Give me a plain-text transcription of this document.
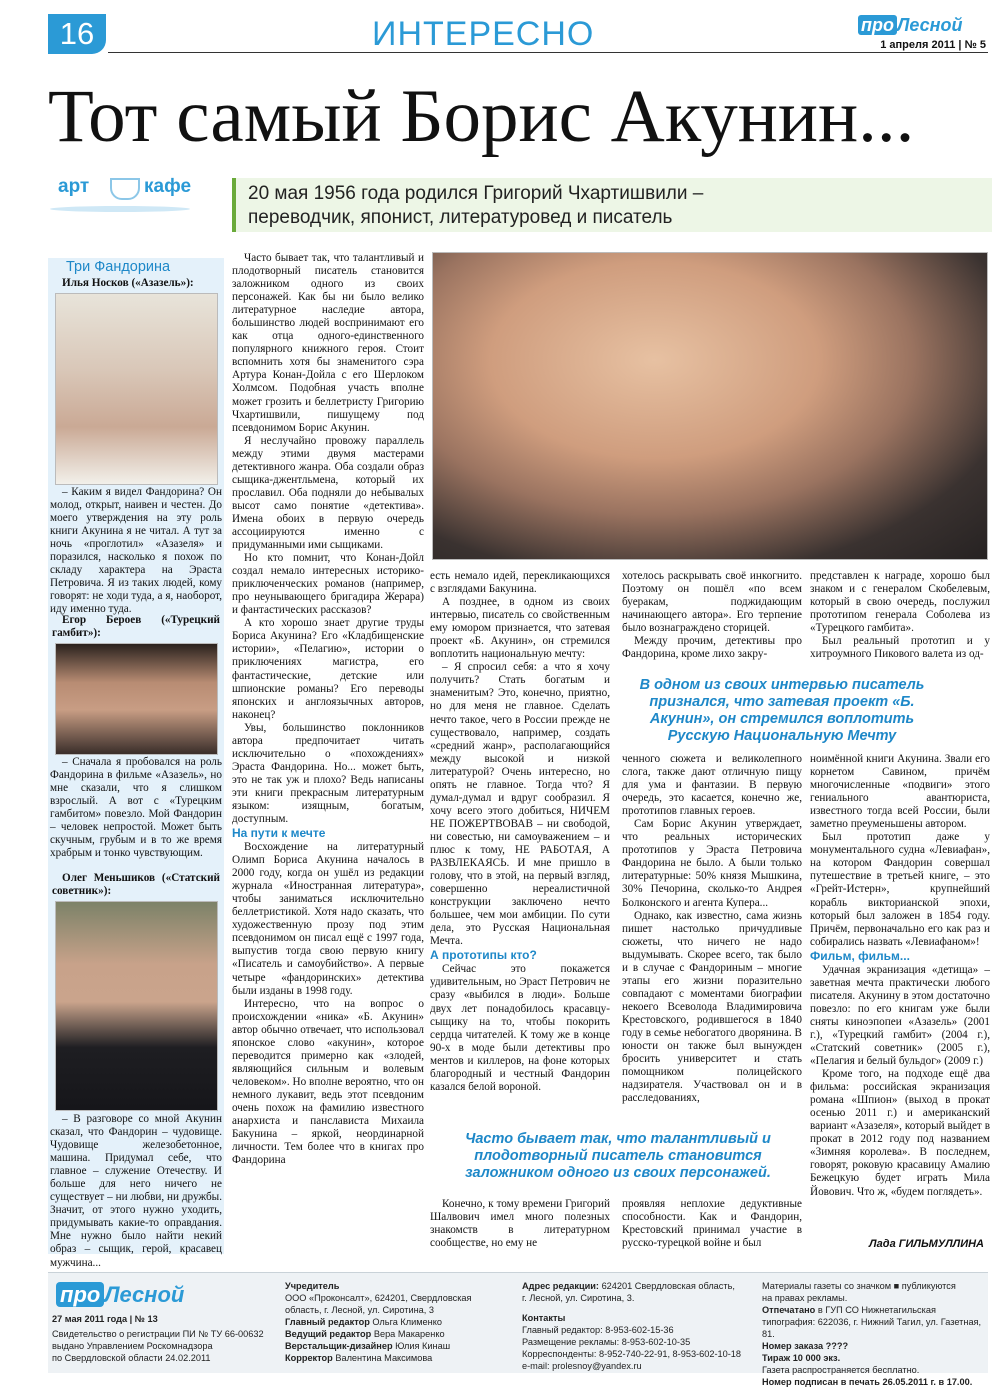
16	ИНТЕРЕСНО	про Лесной
1 апреля 2011 | № 5
Тот самый Борис Акунин...
арт	кафе	20 мая 1956 года родился Григорий Чхартишвили –
переводчик, японист, литературовед и писатель
Три Фандорина
Илья Носков («Азазель»):
– Каким я видел Фандорина? Он молод, открыт, наивен и честен. До моего утверждения на эту роль книги Акунина я не читал. А тут за ночь «проглотил» «Азазеля» и поразился, насколько я похож по складу характера на Эраста Петровича. Я из таких людей, кому говорят: не ходи туда, а я, наоборот, иду именно туда.
Егор Бероев («Турецкий гамбит»):
– Сначала я пробовался на роль Фандорина в фильме «Азазель», но мне сказали, что я слишком взрослый. А вот с «Турецким гамбитом» повезло. Мой Фандорин – человек непростой. Может быть скучным, грубым и в то же время храбрым и тонко чувствующим.
Олег Меньшиков («Статский советник»):
– В разговоре со мной Акунин сказал, что Фандорин – чудовище. Чудовище железобетонное, машина. Придумал себе, что главное – служение Отечеству. И больше для него ничего не существует – ни любви, ни дружбы. Значит, от этого нужно уходить, придумывать какие-то оправдания. Мне нужно было найти некий образ – сыщик, герой, красавец мужчина...

Часто бывает так, что талантливый и плодотворный писатель становится заложником одного из своих персонажей. Как бы ни было велико литературное наследие автора, большинство людей воспринимают его как отца одного-единственного популярного книжного героя. Стоит вспомнить хотя бы знаменитого сэра Артура Конан-Дойла с его Шерлоком Холмсом. Подобная участь вполне может грозить и беллетристу Григорию Чхартишвили, пишущему под псевдонимом Борис Акунин.

Я неслучайно провожу параллель между этими двумя мастерами детективного жанра. Оба создали образ сыщика-джентльмена, который их прославил. Оба подняли до небывалых высот само понятие «детектива». Имена обоих в первую очередь ассоциируются именно с придуманными ими сыщиками.

Но кто помнит, что Конан-Дойл создал немало интересных историко-приключенческих романов (например, про неунывающего бригадира Жерара) и фантастических рассказов?

А кто хорошо знает другие труды Бориса Акунина? Его «Кладбищенские истории», «Пелагию», истории о приключениях магистра, его фантастические, детские или шпионские романы? Его переводы японских и англоязычных авторов, наконец?

Увы, большинство поклонников автора предпочитает читать исключительно о «похождениях» Эраста Фандорина. Но... может быть, это не так уж и плохо? Ведь написаны эти книги прекрасным литературным языком: изящным, богатым, доступным.

На пути к мечте

Восхождение на литературный Олимп Бориса Акунина началось в 2000 году, когда он ушёл из редакции журнала «Иностранная литература», чтобы заниматься исключительно беллетристикой. Хотя надо сказать, что художественную прозу под этим псевдонимом он писал ещё с 1997 года, выпустив тогда свою первую книгу «Писатель и самоубийство». А первые четыре «фандоринских» детектива были изданы в 1998 году.

Интересно, что на вопрос о происхождении «ника» «Б. Акунин» автор обычно отвечает, что использовал японское слово «акунин», которое переводится примерно как «злодей, являющийся сильным и волевым человеком». Но вполне вероятно, что он немного лукавит, ведь этот псевдоним очень похож на фамилию известного анархиста и панслависта Михаила Бакунина – яркой, неординарной личности. Тем более что в книгах про Фандорина

есть немало идей, перекликающихся с взглядами Бакунина.

А позднее, в одном из своих интервью, писатель со свойственным ему юмором признается, что затевая проект «Б. Акунин», он стремился воплотить национальную мечту:

– Я спросил себя: а что я хочу получить? Стать богатым и знаменитым? Это, конечно, приятно, но для меня не главное. Сделать нечто такое, чего в России прежде не существовало, например, создать «средний жанр», располагающийся между высокой и низкой литературой? Очень интересно, но опять не главное. Тогда что? Я думал-думал и вдруг сообразил. Я хочу всего этого добиться, НИЧЕМ НЕ ПОЖЕРТВОВАВ – ни свободой, ни совестью, ни самоуважением – и плюс к тому, НЕ РАБОТАЯ, А РАЗВЛЕКАЯСЬ. И мне пришло в голову, что в этой, на первый взгляд, совершенно нереалистичной конструкции заключено нечто большее, чем мои амбиции. По сути дела, это Русская Национальная Мечта.

А прототипы кто?

Сейчас это покажется удивительным, но Эраст Петрович не сразу «выбился в люди». Больше двух лет понадобилось красавцу-сыщику на то, чтобы покорить сердца читателей. К тому же в конце 90-х в моде были детективы про ментов и киллеров, на фоне которых благородный и честный Фандорин казался белой вороной.

хотелось раскрывать своё инкогнито. Поэтому он пошёл «по всем буеракам, поджидающим начинающего автора». Его терпение было вознаграждено сторицей.

Между прочим, детективы про Фандорина, кроме лихо закру-

представлен к награде, хорошо был знаком и с генералом Скобелевым, который в свою очередь, послужил прототипом генерала Соболева из «Турецкого гамбита».

Был реальный прототип и у хитроумного Пикового валета из од-

В одном из своих интервью писатель признался, что затевая проект «Б. Акунин», он стремился воплотить Русскую Национальную Мечту

ченного сюжета и великолепного слога, также дают отличную пищу для ума и фантазии. В первую очередь, это касается, конечно же, прототипов главных героев.

Сам Борис Акунин утверждает, что реальных исторических прототипов у Эраста Петровича Фандорина не было. А были только литературные: 50% князя Мышкина, 30% Печорина, сколько-то Андрея Болконского и агента Купера...

Однако, как известно, сама жизнь пишет настолько причудливые сюжеты, что ничего не надо выдумывать. Скорее всего, так было и в случае с Фандориным – многие этапы его жизни поразительно совпадают с моментами биографии некоего Всеволода Владимировича Крестовского, родившегося в 1840 году в семье небогатого дворянина. В юности он также был вынужден бросить университет и стать помощником полицейского надзирателя. Участвовал он и в расследованиях,

ноимённой книги Акунина. Звали его корнетом Савином, причём многочисленные «подвиги» этого гениального авантюриста, известного тогда всей России, были заметно преуменьшены автором.

Был прототип даже у монументального судна «Левиафан», на котором Фандорин совершал путешествие в третьей книге, – это «Грейт-Истерн», крупнейший корабль викторианской эпохи, который был заложен в 1854 году. Причём, первоначально его как раз и собирались назвать «Левиафаном»!

Фильм, фильм...

Удачная экранизация «детища» – заветная мечта практически любого писателя. Акунину в этом достаточно повезло: по его книгам уже были сняты киноэпопеи «Азазель» (2001 г.), «Турецкий гамбит» (2004 г.), «Статский советник» (2005 г.), «Пелагия и белый бульдог» (2009 г.)

Кроме того, на подходе ещё два фильма: российская экранизация романа «Шпион» (выход в прокат осенью 2011 г.) и американский вариант «Азазеля», который выйдет в прокат в 2012 году под названием «Зимняя королева». В последнем, говорят, роковую красавицу Амалию Бежецкую будет играть Мила Йовович. Что ж, «будем поглядеть».

Часто бывает так, что талантливый и плодотворный писатель становится заложником одного из своих персонажей.

Конечно, к тому времени Григорий Шалвович имел много полезных знакомств в литературном сообществе, но ему не

проявляя неплохие дедуктивные способности. Как и Фандорин, Крестовский принимал участие в русско-турецкой войне и был	Лада ГИЛЬМУЛЛИНА
про Лесной
27 мая 2011 года | № 13
Свидетельство о регистрации ПИ № ТУ 66-00632
выдано Управлением Роскомнадзора
по Свердловской области 24.02.2011
Учредитель
ООО «Проконсалт», 624201, Свердловская
область, г. Лесной, ул. Сиротина, 3
Главный редактор Ольга Клименко
Ведущий редактор Вера Макаренко
Верстальщик-дизайнер Юлия Кинаш
Корректор Валентина Максимова
Адрес редакции: 624201 Свердловская область,
г. Лесной, ул. Сиротина, 3.
Контакты
Главный редактор: 8-953-602-15-36
Размещение рекламы: 8-953-602-10-35
Корреспонденты: 8-952-740-22-91, 8-953-602-10-18
e-mail: prolesnoy@yandex.ru
Материалы газеты со значком ■ публикуются
на правах рекламы.
Отпечатано в ГУП СО Нижнетагильская
типография: 622036, г. Нижний Тагил, ул. Газетная, 81.
Номер заказа ????
Тираж 10 000 экз.
Газета распространяется бесплатно.
Номер подписан в печать 26.05.2011 г. в 17.00.
